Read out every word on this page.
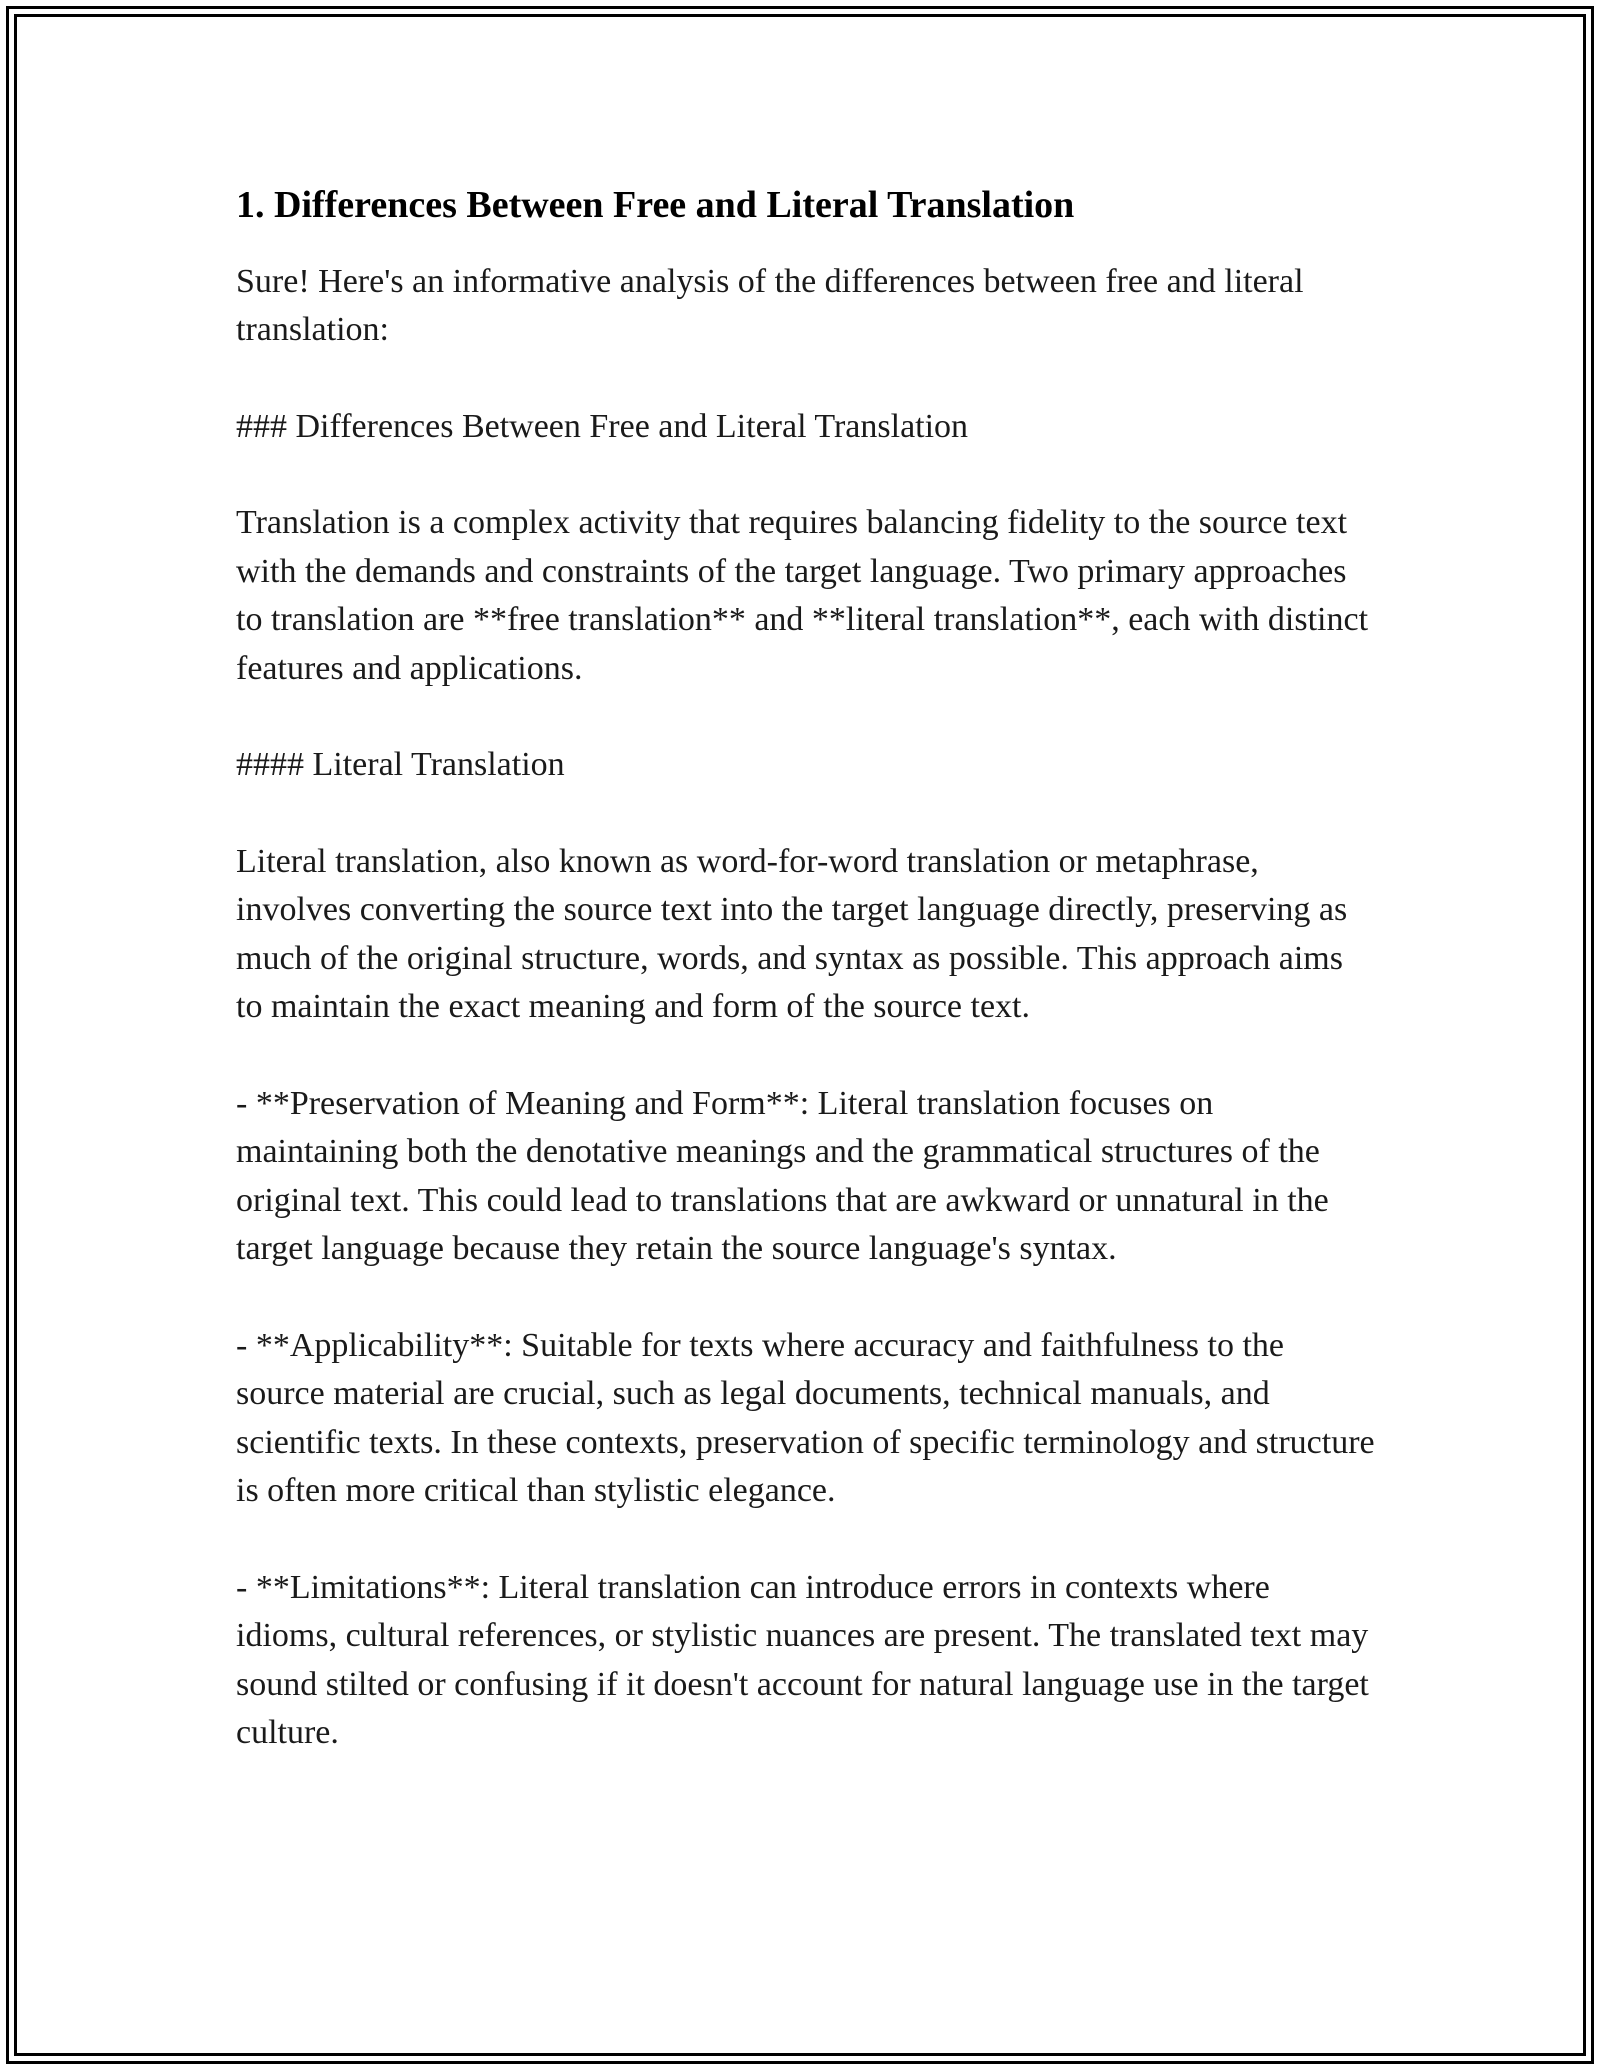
1. Differences Between Free and Literal Translation

Sure! Here's an informative analysis of the differences between free and literal translation:

### Differences Between Free and Literal Translation

Translation is a complex activity that requires balancing fidelity to the source text with the demands and constraints of the target language. Two primary approaches to translation are **free translation** and **literal translation**, each with distinct features and applications.

#### Literal Translation

Literal translation, also known as word-for-word translation or metaphrase, involves converting the source text into the target language directly, preserving as much of the original structure, words, and syntax as possible. This approach aims to maintain the exact meaning and form of the source text.

- **Preservation of Meaning and Form**: Literal translation focuses on maintaining both the denotative meanings and the grammatical structures of the original text. This could lead to translations that are awkward or unnatural in the target language because they retain the source language's syntax.

- **Applicability**: Suitable for texts where accuracy and faithfulness to the source material are crucial, such as legal documents, technical manuals, and scientific texts. In these contexts, preservation of specific terminology and structure is often more critical than stylistic elegance.

- **Limitations**: Literal translation can introduce errors in contexts where idioms, cultural references, or stylistic nuances are present. The translated text may sound stilted or confusing if it doesn't account for natural language use in the target culture.
